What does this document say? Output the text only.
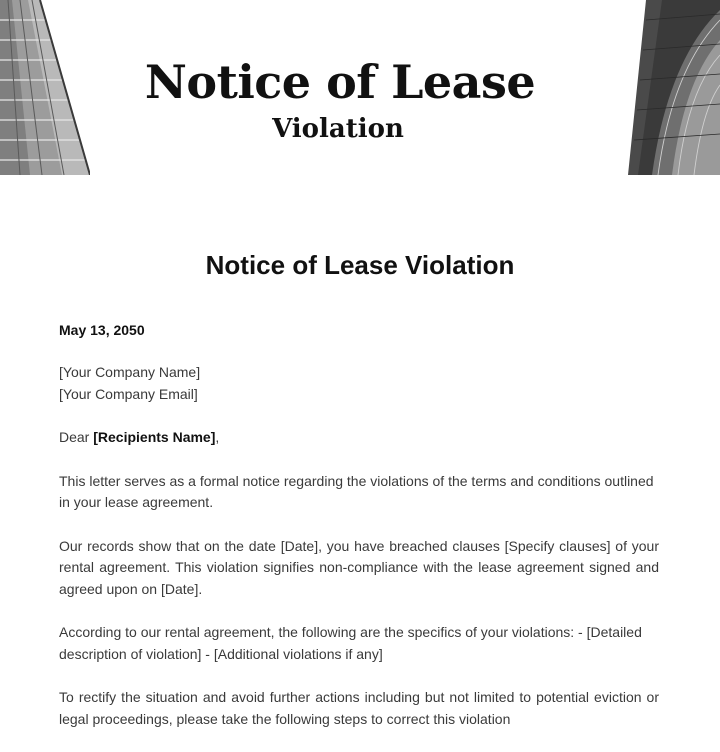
Notice of Lease
Violation
Notice of Lease Violation
May 13, 2050
[Your Company Name]
[Your Company Email]
Dear [Recipients Name],
This letter serves as a formal notice regarding the violations of the terms and conditions outlined in your lease agreement.
Our records show that on the date [Date], you have breached clauses [Specify clauses] of your rental agreement. This violation signifies non-compliance with the lease agreement signed and agreed upon on [Date].
According to our rental agreement, the following are the specifics of your violations: - [Detailed description of violation] - [Additional violations if any]
To rectify the situation and avoid further actions including but not limited to potential eviction or legal proceedings, please take the following steps to correct this violation
